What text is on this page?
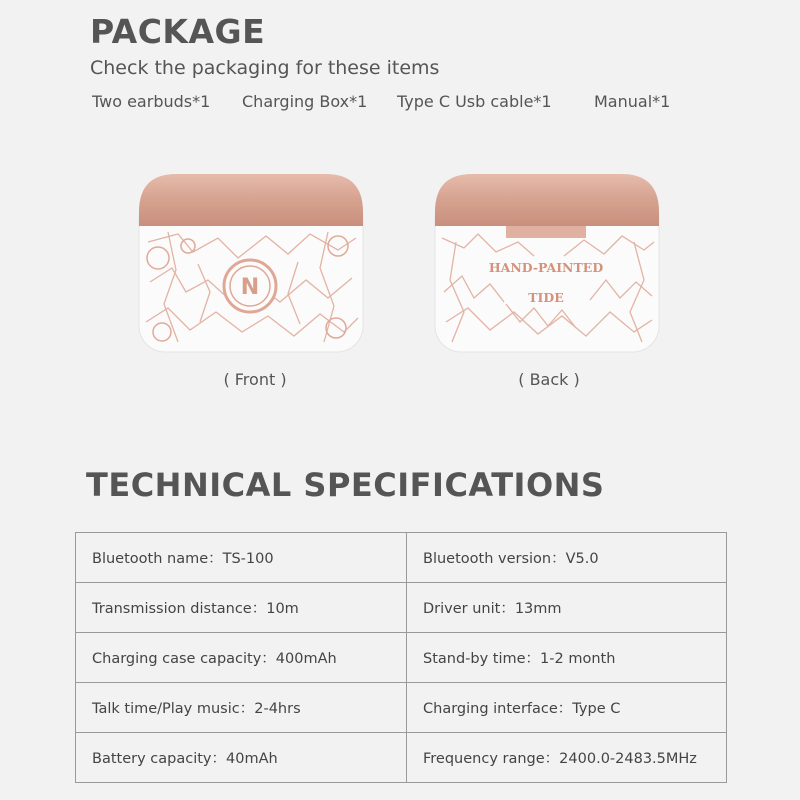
PACKAGE

Check the packaging for these items

Two earbuds*1 Charging Box*1 Type C Usb cable*1	Manual*1
N
( Front )
HAND-PAINTED
TIDE
( Back )
TECHNICAL SPECIFICATIONS
Bluetooth name：TS-100	Bluetooth version：V5.0
Transmission distance：10m	Driver unit：13mm
Charging case capacity：400mAh	Stand-by time：1-2 month
Talk time/Play music：2-4hrs	Charging interface：Type C
Battery capacity：40mAh	Frequency range：2400.0-2483.5MHz
